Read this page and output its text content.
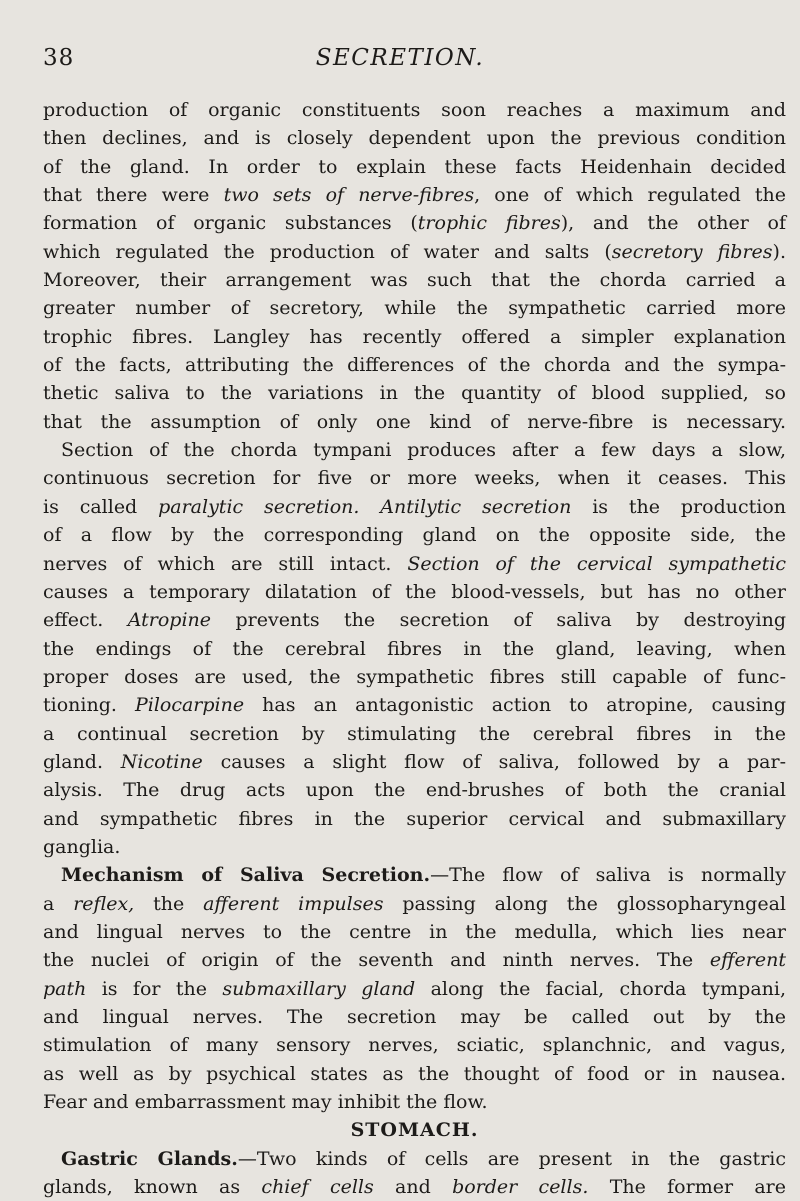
38	SECRETION.
production of organic constituents soon reaches a maximum and
then declines, and is closely dependent upon the previous condition
of the gland. In order to explain these facts Heidenhain decided
that there were two sets of nerve-fibres, one of which regulated the
formation of organic substances (trophic fibres), and the other of
which regulated the production of water and salts (secretory fibres).
Moreover, their arrangement was such that the chorda carried a
greater number of secretory, while the sympathetic carried more
trophic fibres. Langley has recently offered a simpler explanation
of the facts, attributing the differences of the chorda and the sympa-
thetic saliva to the variations in the quantity of blood supplied, so
that the assumption of only one kind of nerve-fibre is necessary.
Section of the chorda tympani produces after a few days a slow,
continuous secretion for five or more weeks, when it ceases. This
is called paralytic secretion. Antilytic secretion is the production
of a flow by the corresponding gland on the opposite side, the
nerves of which are still intact. Section of the cervical sympathetic
causes a temporary dilatation of the blood-vessels, but has no other
effect. Atropine prevents the secretion of saliva by destroying
the endings of the cerebral fibres in the gland, leaving, when
proper doses are used, the sympathetic fibres still capable of func-
tioning. Pilocarpine has an antagonistic action to atropine, causing
a continual secretion by stimulating the cerebral fibres in the
gland. Nicotine causes a slight flow of saliva, followed by a par-
alysis. The drug acts upon the end-brushes of both the cranial
and sympathetic fibres in the superior cervical and submaxillary
ganglia.
Mechanism of Saliva Secretion.—The flow of saliva is normally
a reflex, the afferent impulses passing along the glossopharyngeal
and lingual nerves to the centre in the medulla, which lies near
the nuclei of origin of the seventh and ninth nerves. The efferent
path is for the submaxillary gland along the facial, chorda tympani,
and lingual nerves. The secretion may be called out by the
stimulation of many sensory nerves, sciatic, splanchnic, and vagus,
as well as by psychical states as the thought of food or in nausea.
Fear and embarrassment may inhibit the flow.
STOMACH.
Gastric Glands.—Two kinds of cells are present in the gastric
glands, known as chief cells and border cells. The former are
